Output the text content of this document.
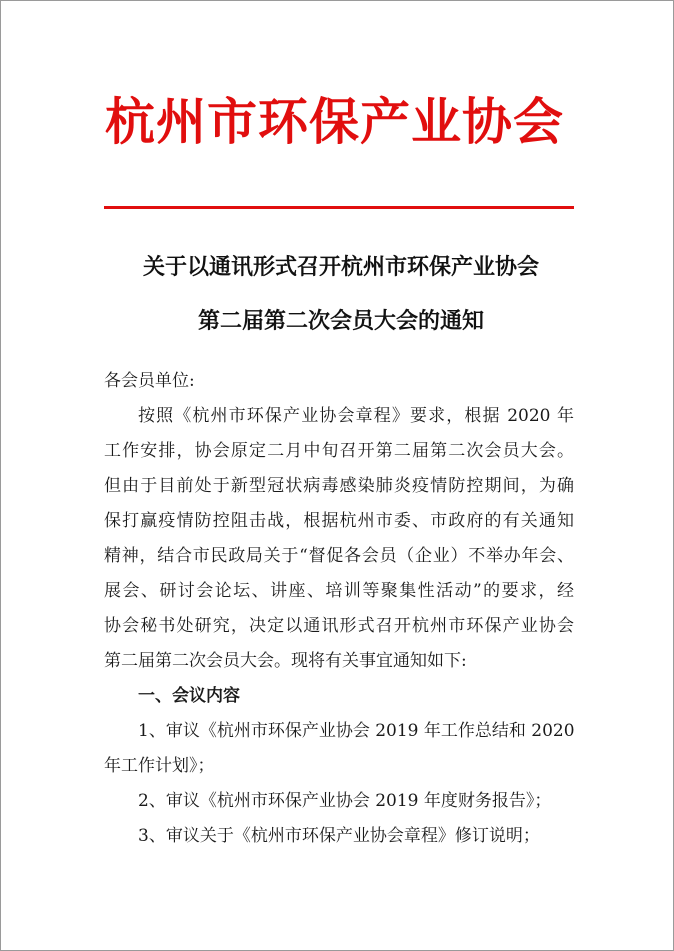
杭州市环保产业协会
关于以通讯形式召开杭州市环保产业协会
第二届第二次会员大会的通知
各会员单位:
按照《杭州市环保产业协会章程》要求，根据 2020 年
工作安排，协会原定二月中旬召开第二届第二次会员大会。
但由于目前处于新型冠状病毒感染肺炎疫情防控期间，为确
保打赢疫情防控阻击战，根据杭州市委、市政府的有关通知
精神，结合市民政局关于“督促各会员（企业）不举办年会、
展会、研讨会论坛、讲座、培训等聚集性活动”的要求，经
协会秘书处研究，决定以通讯形式召开杭州市环保产业协会
第二届第二次会员大会。现将有关事宜通知如下:
一、会议内容
1、审议《杭州市环保产业协会 2019 年工作总结和 2020
年工作计划》；
2、审议《杭州市环保产业协会 2019 年度财务报告》；
3、审议关于《杭州市环保产业协会章程》修订说明；
